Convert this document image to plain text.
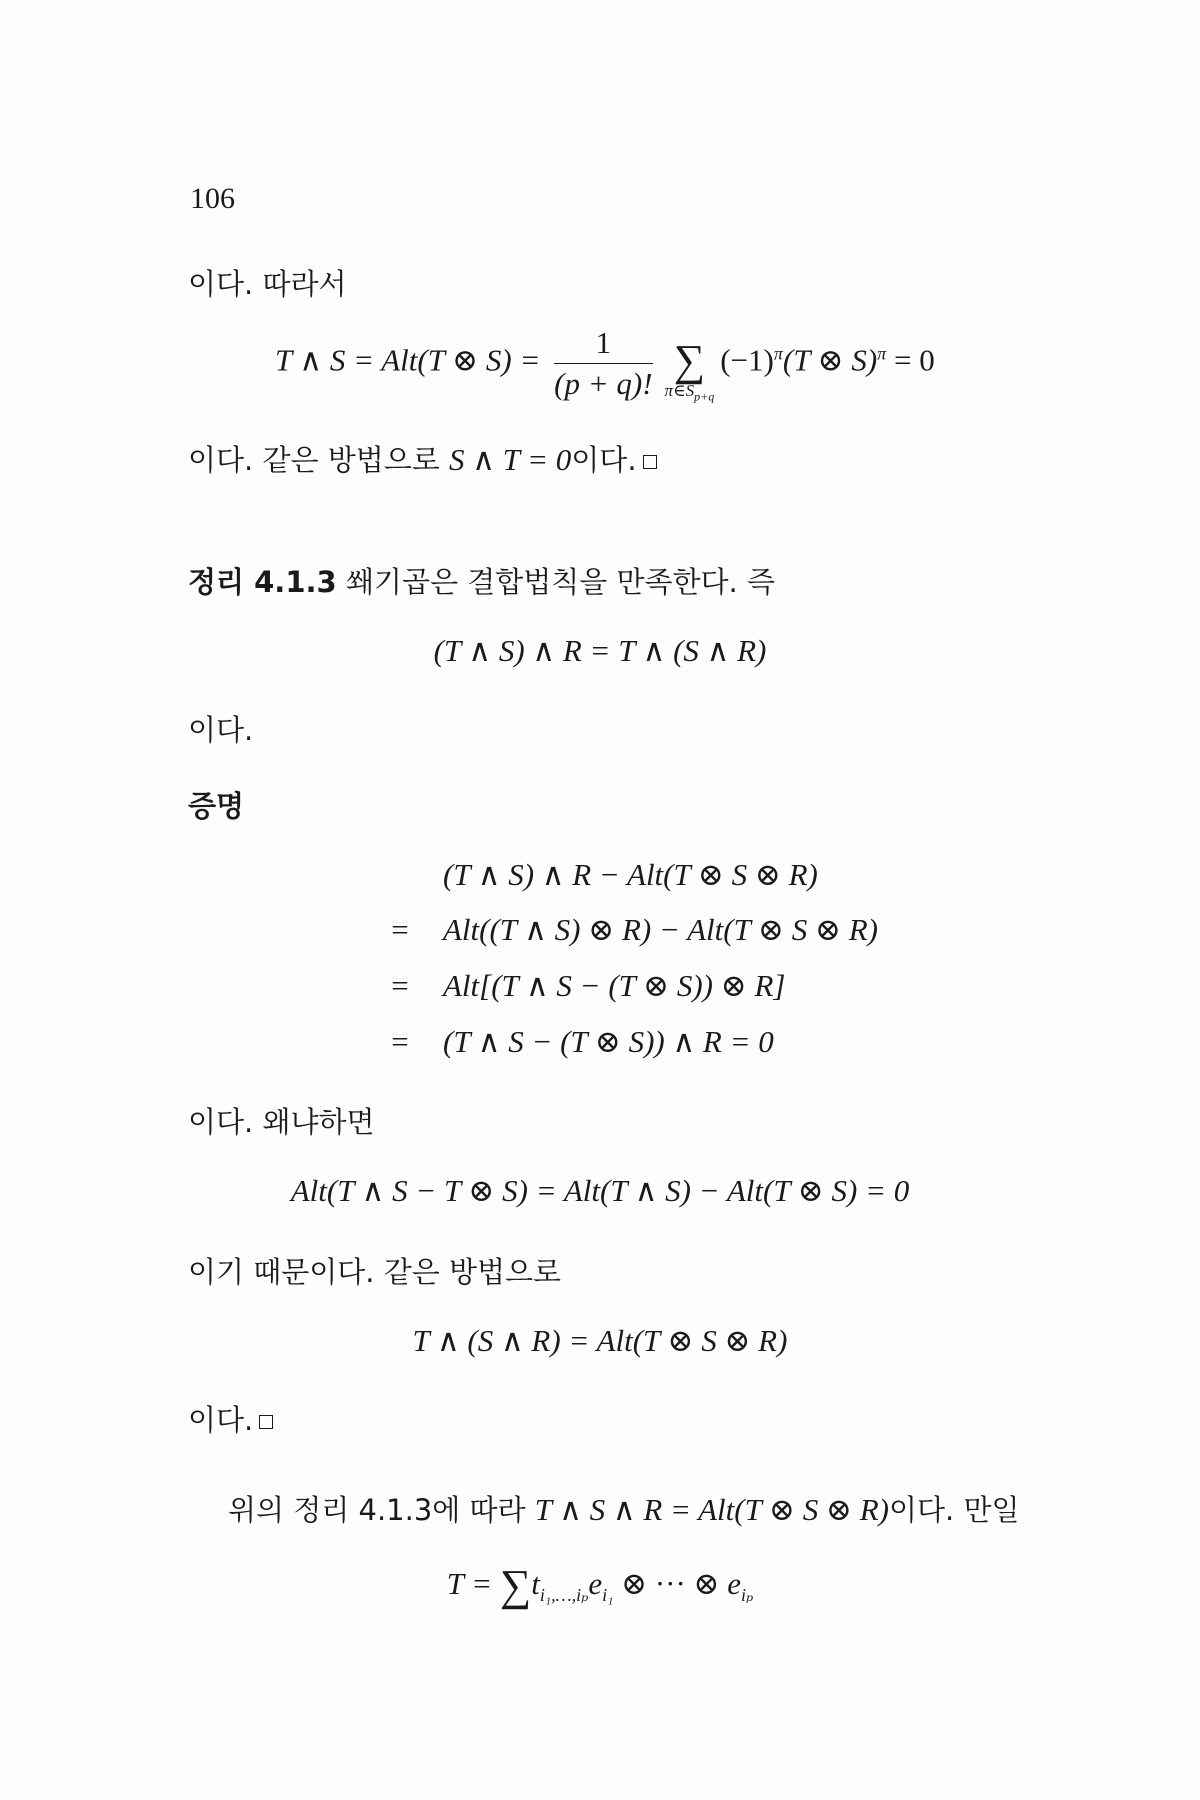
106
이다. 따라서
T ∧ S = Alt(T ⊗ $S) = \frac{1}{(p + q)!}$ ∑
$\pi\in S_{p+q}$
$(-1)^\pi(T$ ⊗ S)$^\pi$ = 0
이다. 같은 방법으로 S ∧ T = 0이다.
정리 4.1.3 쐐기곱은 결합법칙을 만족한다. 즉
(T ∧ S) ∧ R = T ∧ (S ∧ R)
이다.
증명
(T ∧ S) ∧ R − Alt(T ⊗ S ⊗ R)
=	Alt((T ∧ S) ⊗ R) − Alt(T ⊗ S ⊗ R)
=	Alt[(T ∧ S − (T ⊗ S)) ⊗ R]
=	(T ∧ S − (T ⊗ S)) ∧ R = 0
이다. 왜냐하면
Alt(T ∧ S − T ⊗ S) = Alt(T ∧ S) − Alt(T ⊗ S) = 0
이기 때문이다. 같은 방법으로
T ∧ (S ∧ R) = Alt(T ⊗ S ⊗ R)
이다.
위의 정리 4.1.3에 따라 T ∧ S ∧ R = Alt(T ⊗ S ⊗ R)이다. 만일
$T = \sum t_{i_1,\dots,i_p}e_{i_1}$ ⊗ ··· ⊗ $e_{i_p}$
